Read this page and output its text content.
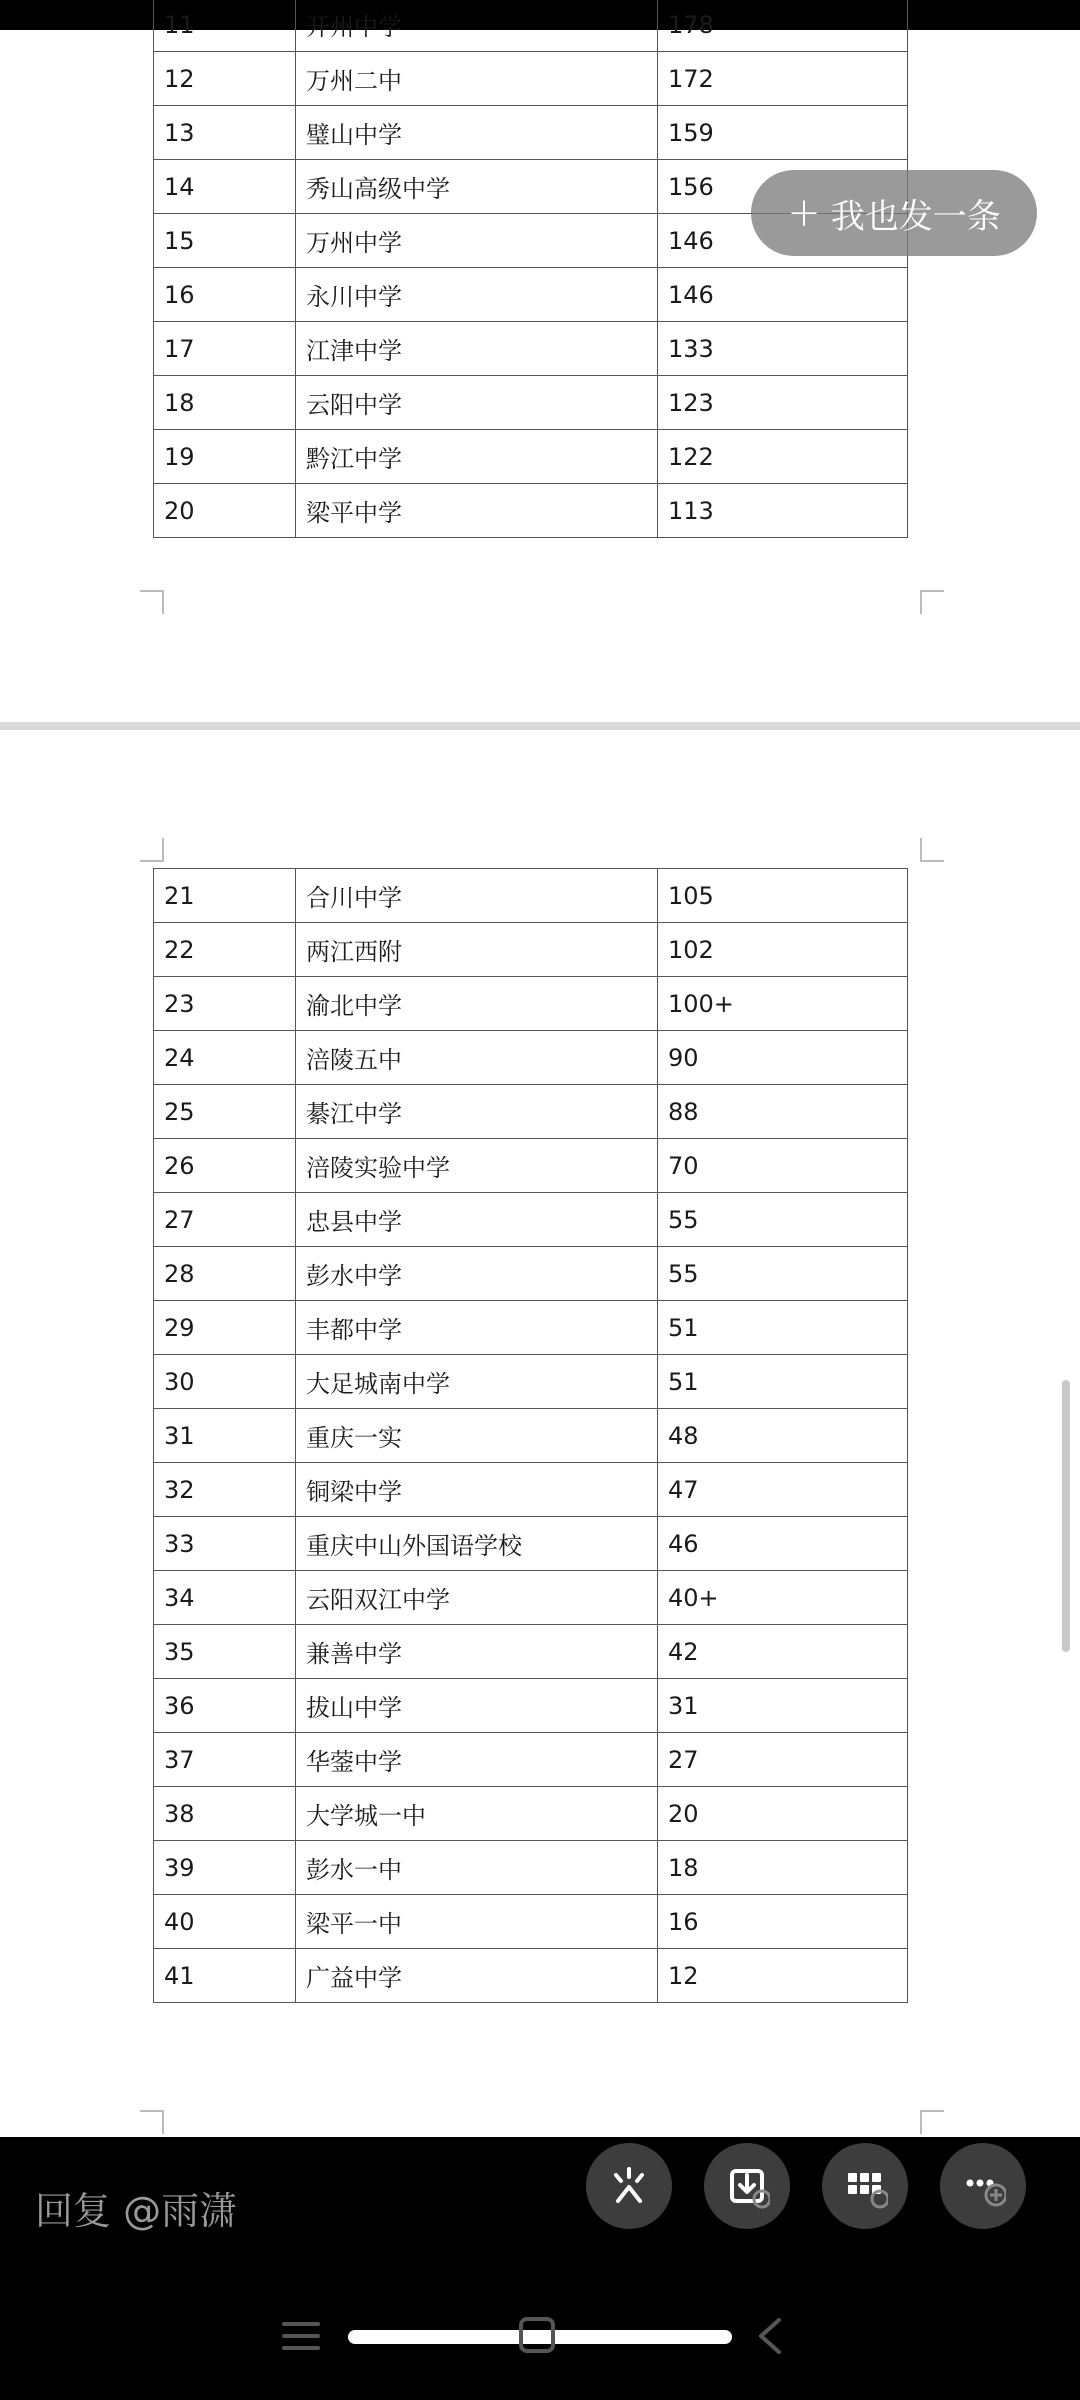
11	开州中学	178
12	万州二中	172
13	璧山中学	159
14	秀山高级中学	156
15	万州中学	146
16	永川中学	146
17	江津中学	133
18	云阳中学	123
19	黔江中学	122
20	梁平中学	113
21	合川中学	105
22	两江西附	102
23	渝北中学	100+
24	涪陵五中	90
25	綦江中学	88
26	涪陵实验中学	70
27	忠县中学	55
28	彭水中学	55
29	丰都中学	51
30	大足城南中学	51
31	重庆一实	48
32	铜梁中学	47
33	重庆中山外国语学校	46
34	云阳双江中学	40+
35	兼善中学	42
36	拔山中学	31
37	华蓥中学	27
38	大学城一中	20
39	彭水一中	18
40	梁平一中	16
41	广益中学	12
+ 我也发一条
回复 @雨潇
